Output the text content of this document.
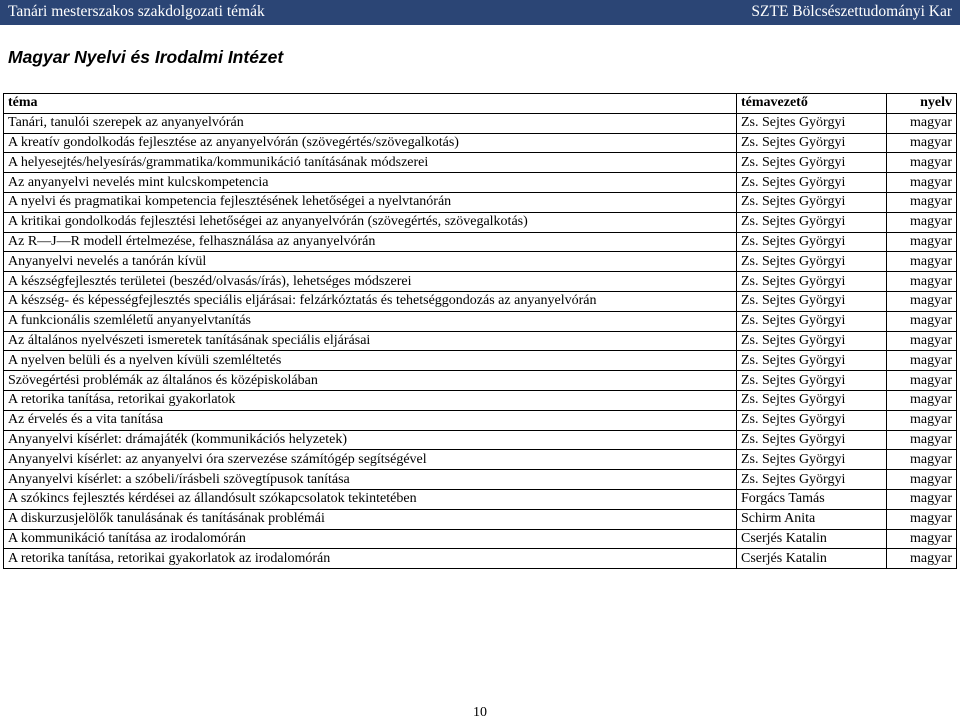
Tanári mesterszakos szakdolgozati témák	SZTE Bölcsészettudományi Kar
Magyar Nyelvi és Irodalmi Intézet
téma	témavezető	nyelv
Tanári, tanulói szerepek az anyanyelvórán	Zs. Sejtes Györgyi	magyar
A kreatív gondolkodás fejlesztése az anyanyelvórán (szövegértés/szövegalkotás)	Zs. Sejtes Györgyi	magyar
A helyesejtés/helyesírás/grammatika/kommunikáció tanításának módszerei	Zs. Sejtes Györgyi	magyar
Az anyanyelvi nevelés mint kulcskompetencia	Zs. Sejtes Györgyi	magyar
A nyelvi és pragmatikai kompetencia fejlesztésének lehetőségei a nyelvtanórán	Zs. Sejtes Györgyi	magyar
A kritikai gondolkodás fejlesztési lehetőségei az anyanyelvórán (szövegértés, szövegalkotás)	Zs. Sejtes Györgyi	magyar
Az R—J—R modell értelmezése, felhasználása az anyanyelvórán	Zs. Sejtes Györgyi	magyar
Anyanyelvi nevelés a tanórán kívül	Zs. Sejtes Györgyi	magyar
A készségfejlesztés területei (beszéd/olvasás/írás), lehetséges módszerei	Zs. Sejtes Györgyi	magyar
A készség- és képességfejlesztés speciális eljárásai: felzárkóztatás és tehetséggondozás az anyanyelvórán	Zs. Sejtes Györgyi	magyar
A funkcionális szemléletű anyanyelvtanítás	Zs. Sejtes Györgyi	magyar
Az általános nyelvészeti ismeretek tanításának speciális eljárásai	Zs. Sejtes Györgyi	magyar
A nyelven belüli és a nyelven kívüli szemléltetés	Zs. Sejtes Györgyi	magyar
Szövegértési problémák az általános és középiskolában	Zs. Sejtes Györgyi	magyar
A retorika tanítása, retorikai gyakorlatok	Zs. Sejtes Györgyi	magyar
Az érvelés és a vita tanítása	Zs. Sejtes Györgyi	magyar
Anyanyelvi kísérlet: drámajáték (kommunikációs helyzetek)	Zs. Sejtes Györgyi	magyar
Anyanyelvi kísérlet: az anyanyelvi óra szervezése számítógép segítségével	Zs. Sejtes Györgyi	magyar
Anyanyelvi kísérlet: a szóbeli/írásbeli szövegtípusok tanítása	Zs. Sejtes Györgyi	magyar
A szókincs fejlesztés kérdései az állandósult szókapcsolatok tekintetében	Forgács Tamás	magyar
A diskurzusjelölők tanulásának és tanításának problémái	Schirm Anita	magyar
A kommunikáció tanítása az irodalomórán	Cserjés Katalin	magyar
A retorika tanítása, retorikai gyakorlatok az irodalomórán	Cserjés Katalin	magyar
10
